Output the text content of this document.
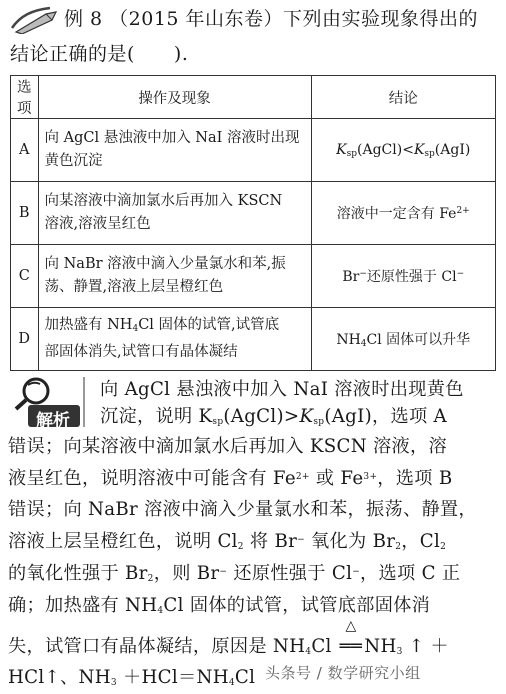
例 8 （2015 年山东卷）下列由实验现象得出的
结论正确的是(　　).
选项	操作及现象	结论
A	向 AgCl 悬浊液中加入 NaI 溶液时出现
黄色沉淀	$K_{sp}(AgCl)<K_{sp}(AgI)$
B	向某溶液中滴加氯水后再加入 KSCN
溶液,溶液呈红色	溶液中一定含有 $Fe^{2+}$
C	向 NaBr 溶液中滴入少量氯水和苯,振
荡、静置,溶液上层呈橙红色	Br−还原性强于 Cl−
D	加热盛有 $NH_4Cl$ 固体的试管,试管底
部固体消失,试管口有晶体凝结	$NH_4Cl$ 固体可以升华
解析
向 AgCl 悬浊液中加入 NaI 溶液时出现黄色
沉淀，说明 $K_{sp}(AgCl)>K_{sp}(AgI)$，选项 A
错误；向某溶液中滴加氯水后再加入 KSCN 溶液，溶
液呈红色，说明溶液中可能含有 $Fe^{2+}$ 或 $Fe^{3+}$，选项 B
错误；向 NaBr 溶液中滴入少量氯水和苯，振荡、静置，
溶液上层呈橙红色，说明 $Cl_2$ 将 Br− 氧化为 $Br_2$，$Cl_2$
的氧化性强于 $Br_2$，则 Br− 还原性强于 Cl−，选项 C 正
确；加热盛有 $NH_4Cl$ 固体的试管，试管底部固体消
失，试管口有晶体凝结，原因是 $NH_4Cl$
△
══ $NH_3$ ↑ ＋
HCl↑、$NH_3 +HCl=NH_4Cl$ 头条号 / 数学研究小组
